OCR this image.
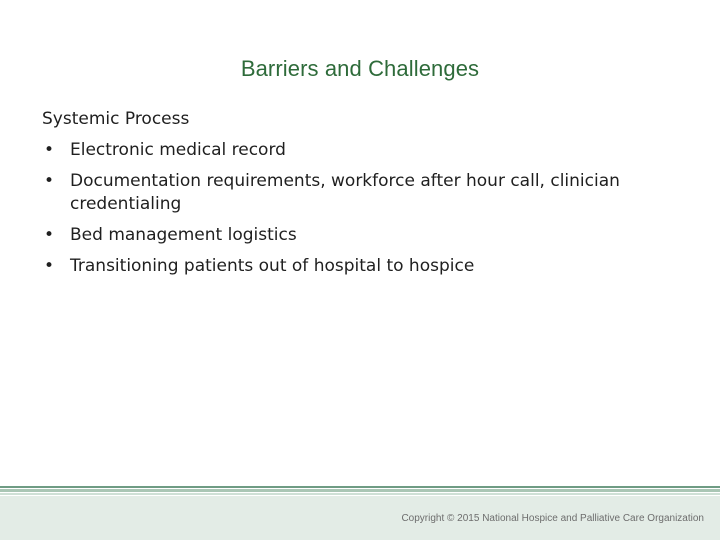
Barriers and Challenges
Systemic Process
• Electronic medical record
• Documentation requirements, workforce after hour call, clinician credentialing
• Bed management logistics
• Transitioning patients out of hospital to hospice
Copyright © 2015 National Hospice and Palliative Care Organization
